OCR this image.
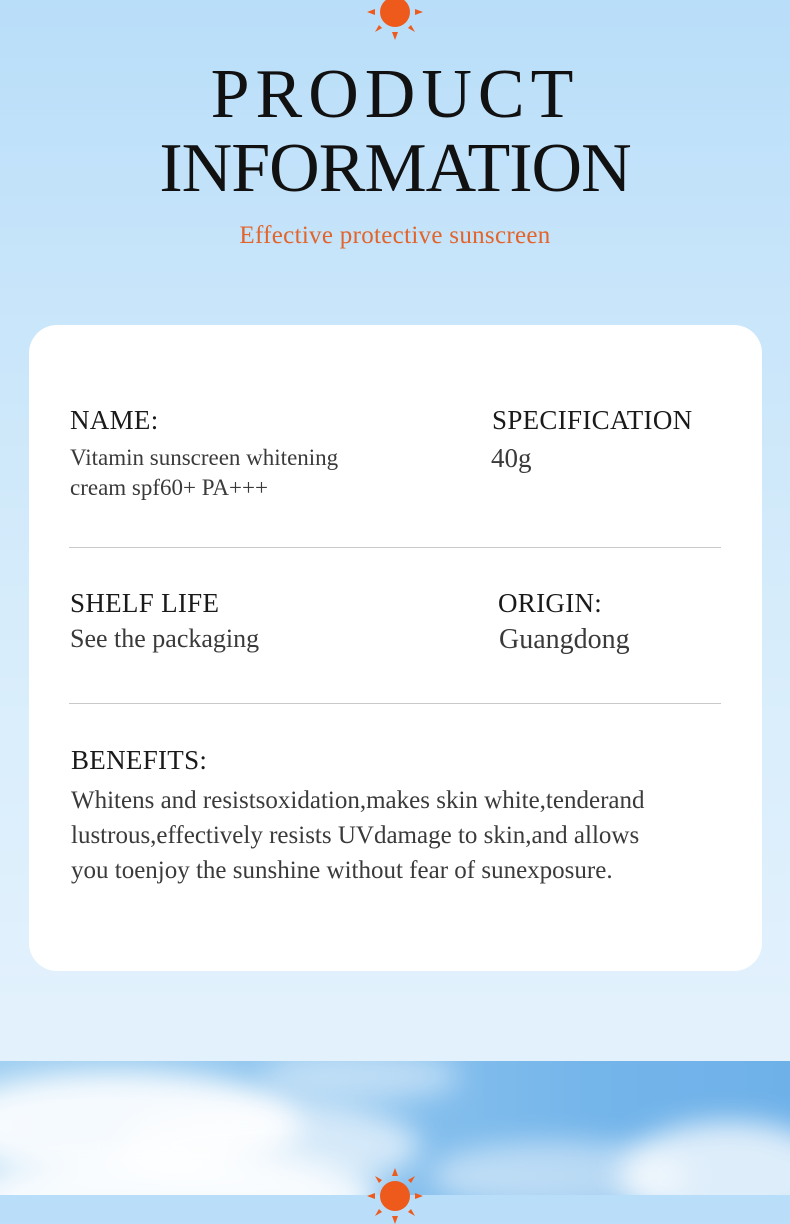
PRODUCT
INFORMATION

Effective protective sunscreen

NAME:

Vitamin sunscreen whitening

cream spf60+ PA+++

SPECIFICATION

40g

SHELF LIFE

See the packaging

ORIGIN:

Guangdong

BENEFITS:

Whitens and resistsoxidation,makes skin white,tenderand

lustrous,effectively resists UVdamage to skin,and allows

you toenjoy the sunshine without fear of sunexposure.
